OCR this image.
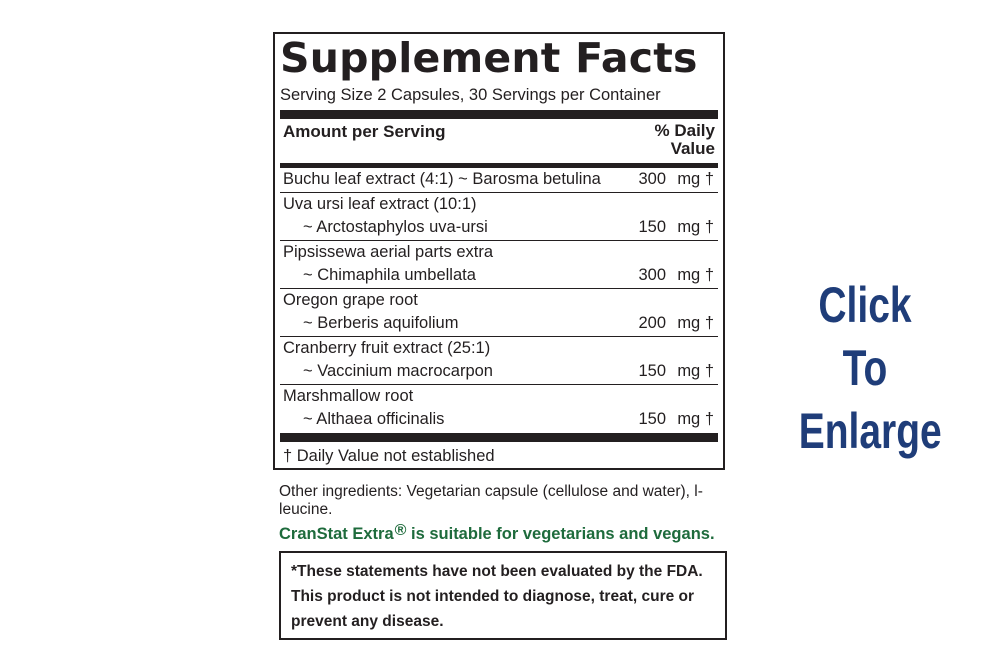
Supplement Facts
Serving Size 2 Capsules, 30 Servings per Container
Amount per Serving	% Daily
Value
Buchu leaf extract (4:1) ~ Barosma betulina	300 mg †
Uva ursi leaf extract (10:1)
~ Arctostaphylos uva-ursi	150 mg †
Pipsissewa aerial parts extra
~ Chimaphila umbellata	300 mg †
Oregon grape root
~ Berberis aquifolium	200 mg †
Cranberry fruit extract (25:1)
~ Vaccinium macrocarpon	150 mg †
Marshmallow root
~ Althaea officinalis	150 mg †
† Daily Value not established
Other ingredients: Vegetarian capsule (cellulose and water), l-leucine.
CranStat Extra® is suitable for vegetarians and vegans.
*These statements have not been evaluated by the FDA.
This product is not intended to diagnose, treat, cure or
prevent any disease.
Click To
Enlarge
